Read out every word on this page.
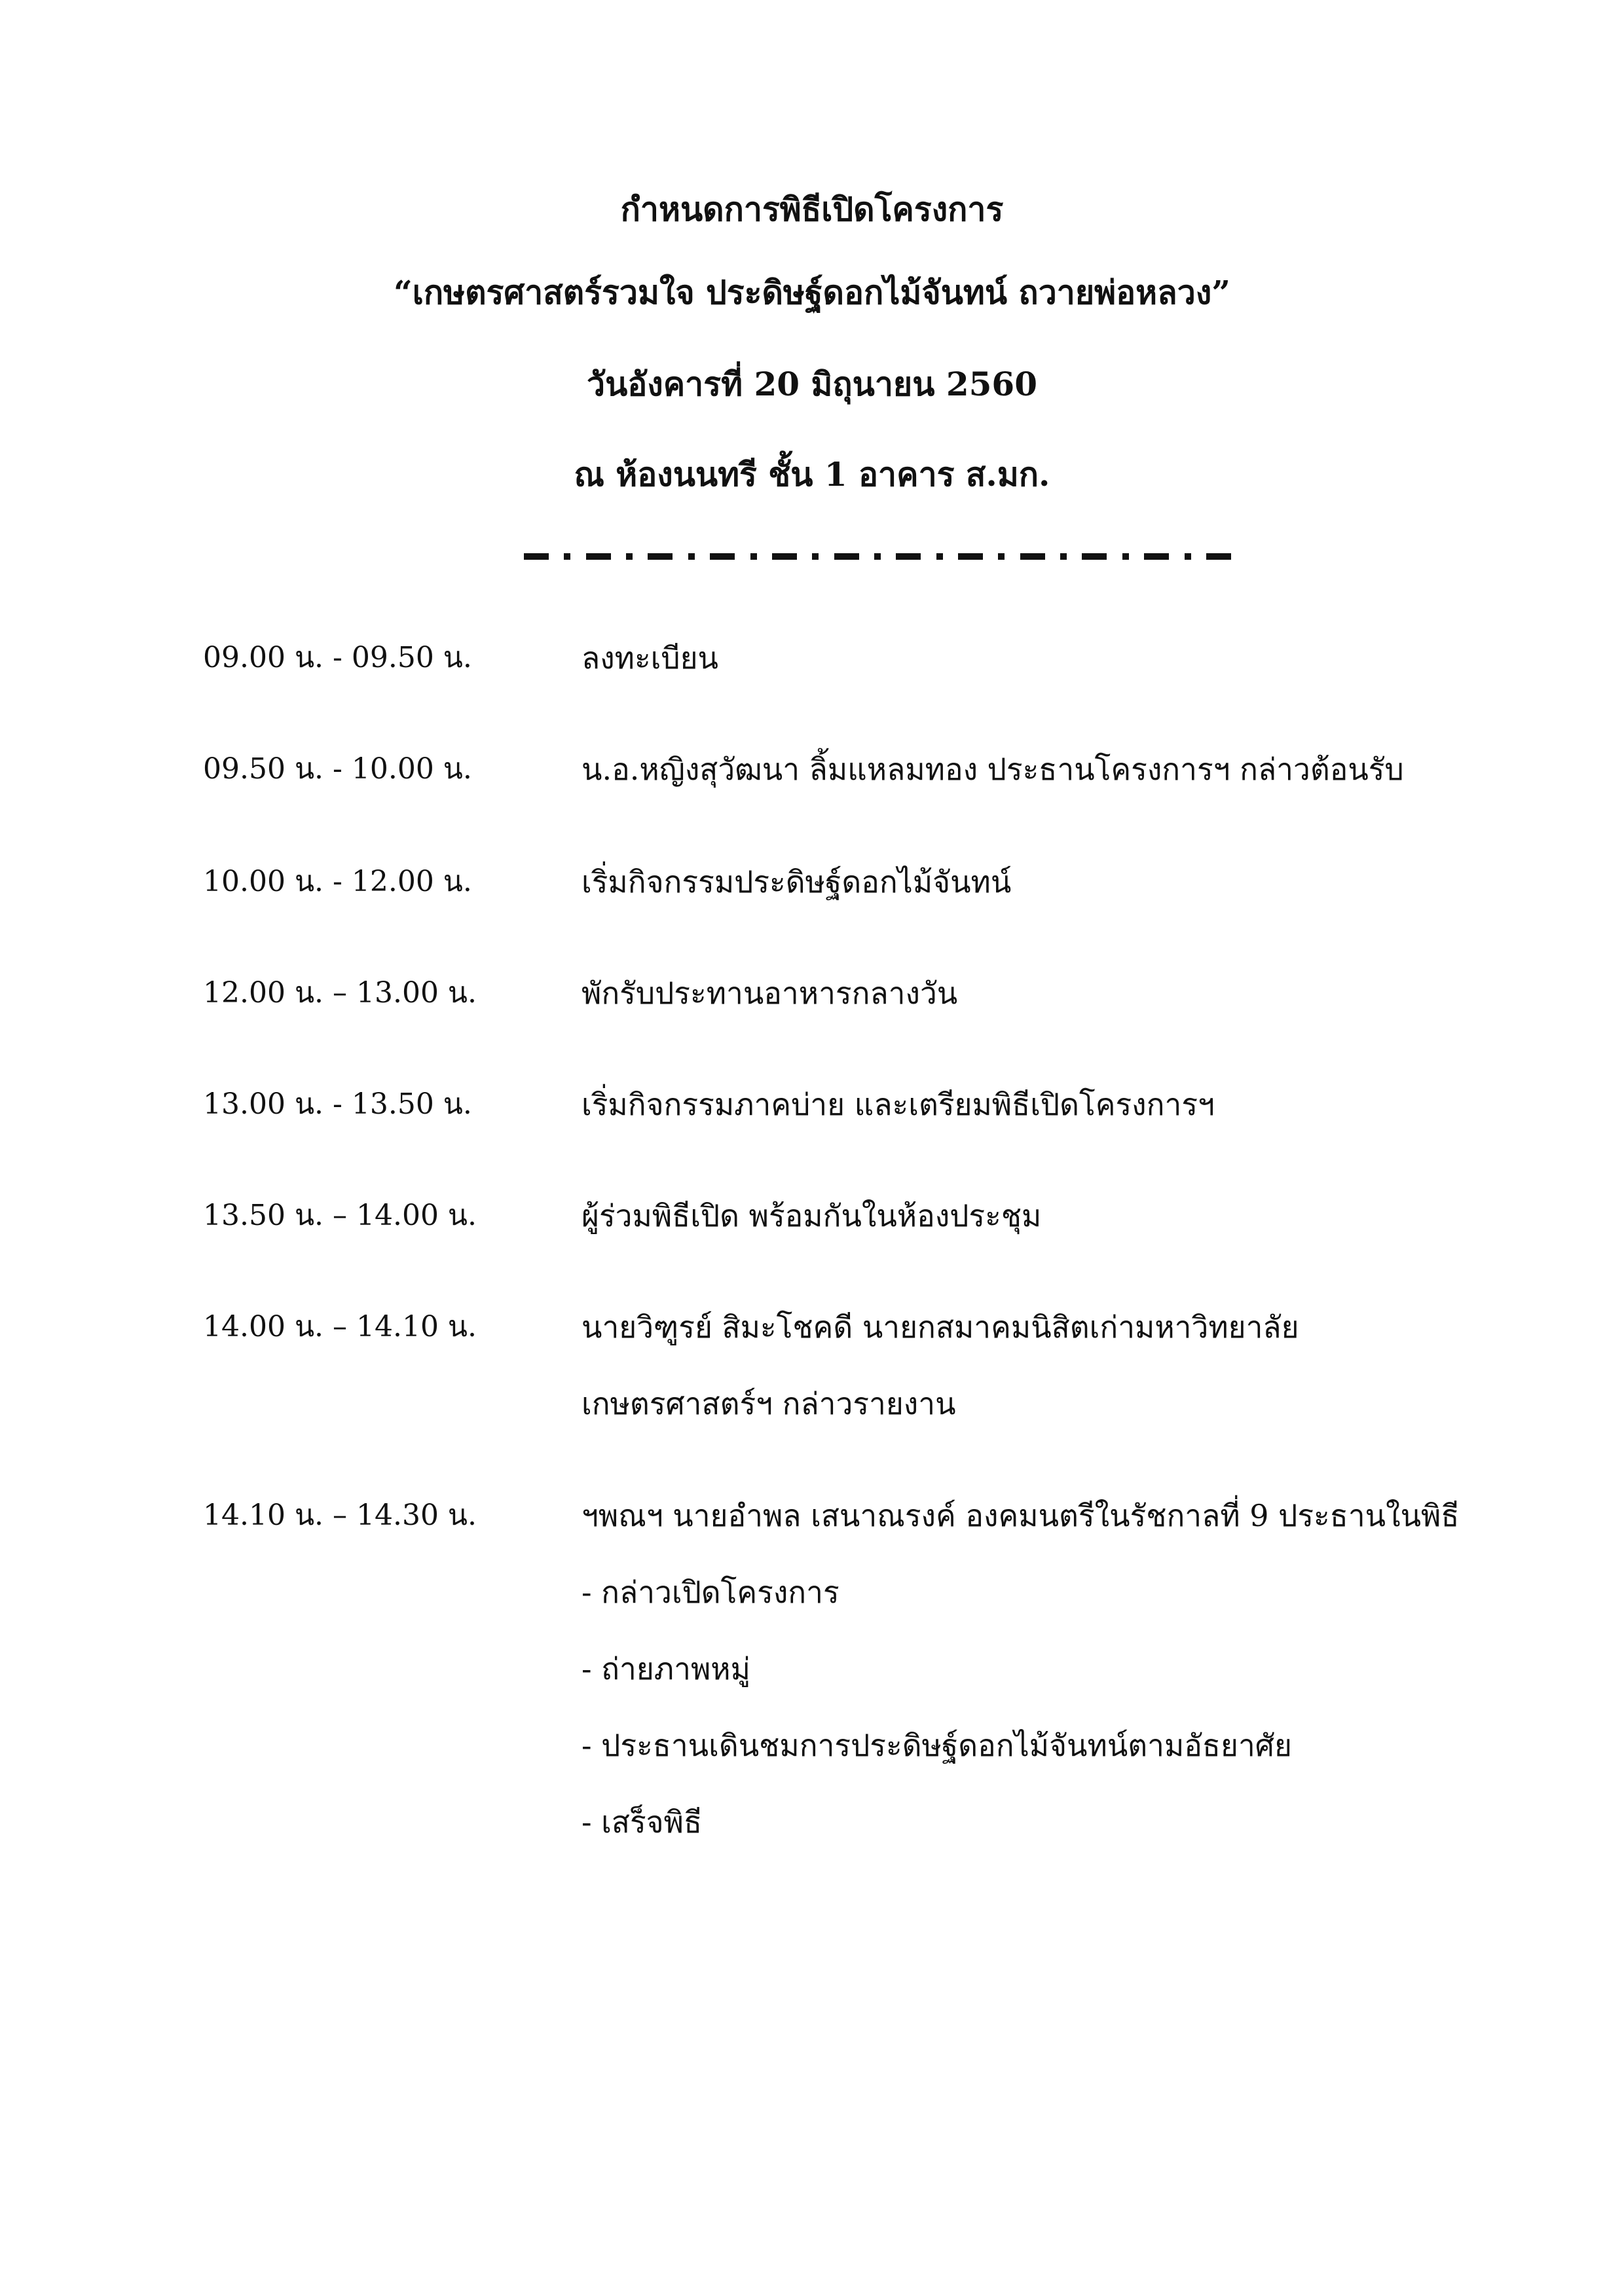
กำหนดการพิธีเปิดโครงการ
“เกษตรศาสตร์รวมใจ ประดิษฐ์ดอกไม้จันทน์ ถวายพ่อหลวง”
วันอังคารที่ 20 มิถุนายน 2560
ณ ห้องนนทรี ชั้น 1 อาคาร ส.มก.
09.00 น. - 09.50 น.	ลงทะเบียน
09.50 น. - 10.00 น.	น.อ.หญิงสุวัฒนา ลิ้มแหลมทอง ประธานโครงการฯ กล่าวต้อนรับ
10.00 น. - 12.00 น.	เริ่มกิจกรรมประดิษฐ์ดอกไม้จันทน์
12.00 น. – 13.00 น.	พักรับประทานอาหารกลางวัน
13.00 น. - 13.50 น.	เริ่มกิจกรรมภาคบ่าย และเตรียมพิธีเปิดโครงการฯ
13.50 น. – 14.00 น.	ผู้ร่วมพิธีเปิด พร้อมกันในห้องประชุม
14.00 น. – 14.10 น.	นายวิฑูรย์ สิมะโชคดี นายกสมาคมนิสิตเก่ามหาวิทยาลัย
เกษตรศาสตร์ฯ กล่าวรายงาน
14.10 น. – 14.30 น.	ฯพณฯ นายอำพล เสนาณรงค์ องคมนตรีในรัชกาลที่ 9 ประธานในพิธี
- กล่าวเปิดโครงการ
- ถ่ายภาพหมู่
- ประธานเดินชมการประดิษฐ์ดอกไม้จันทน์ตามอัธยาศัย
- เสร็จพิธี
